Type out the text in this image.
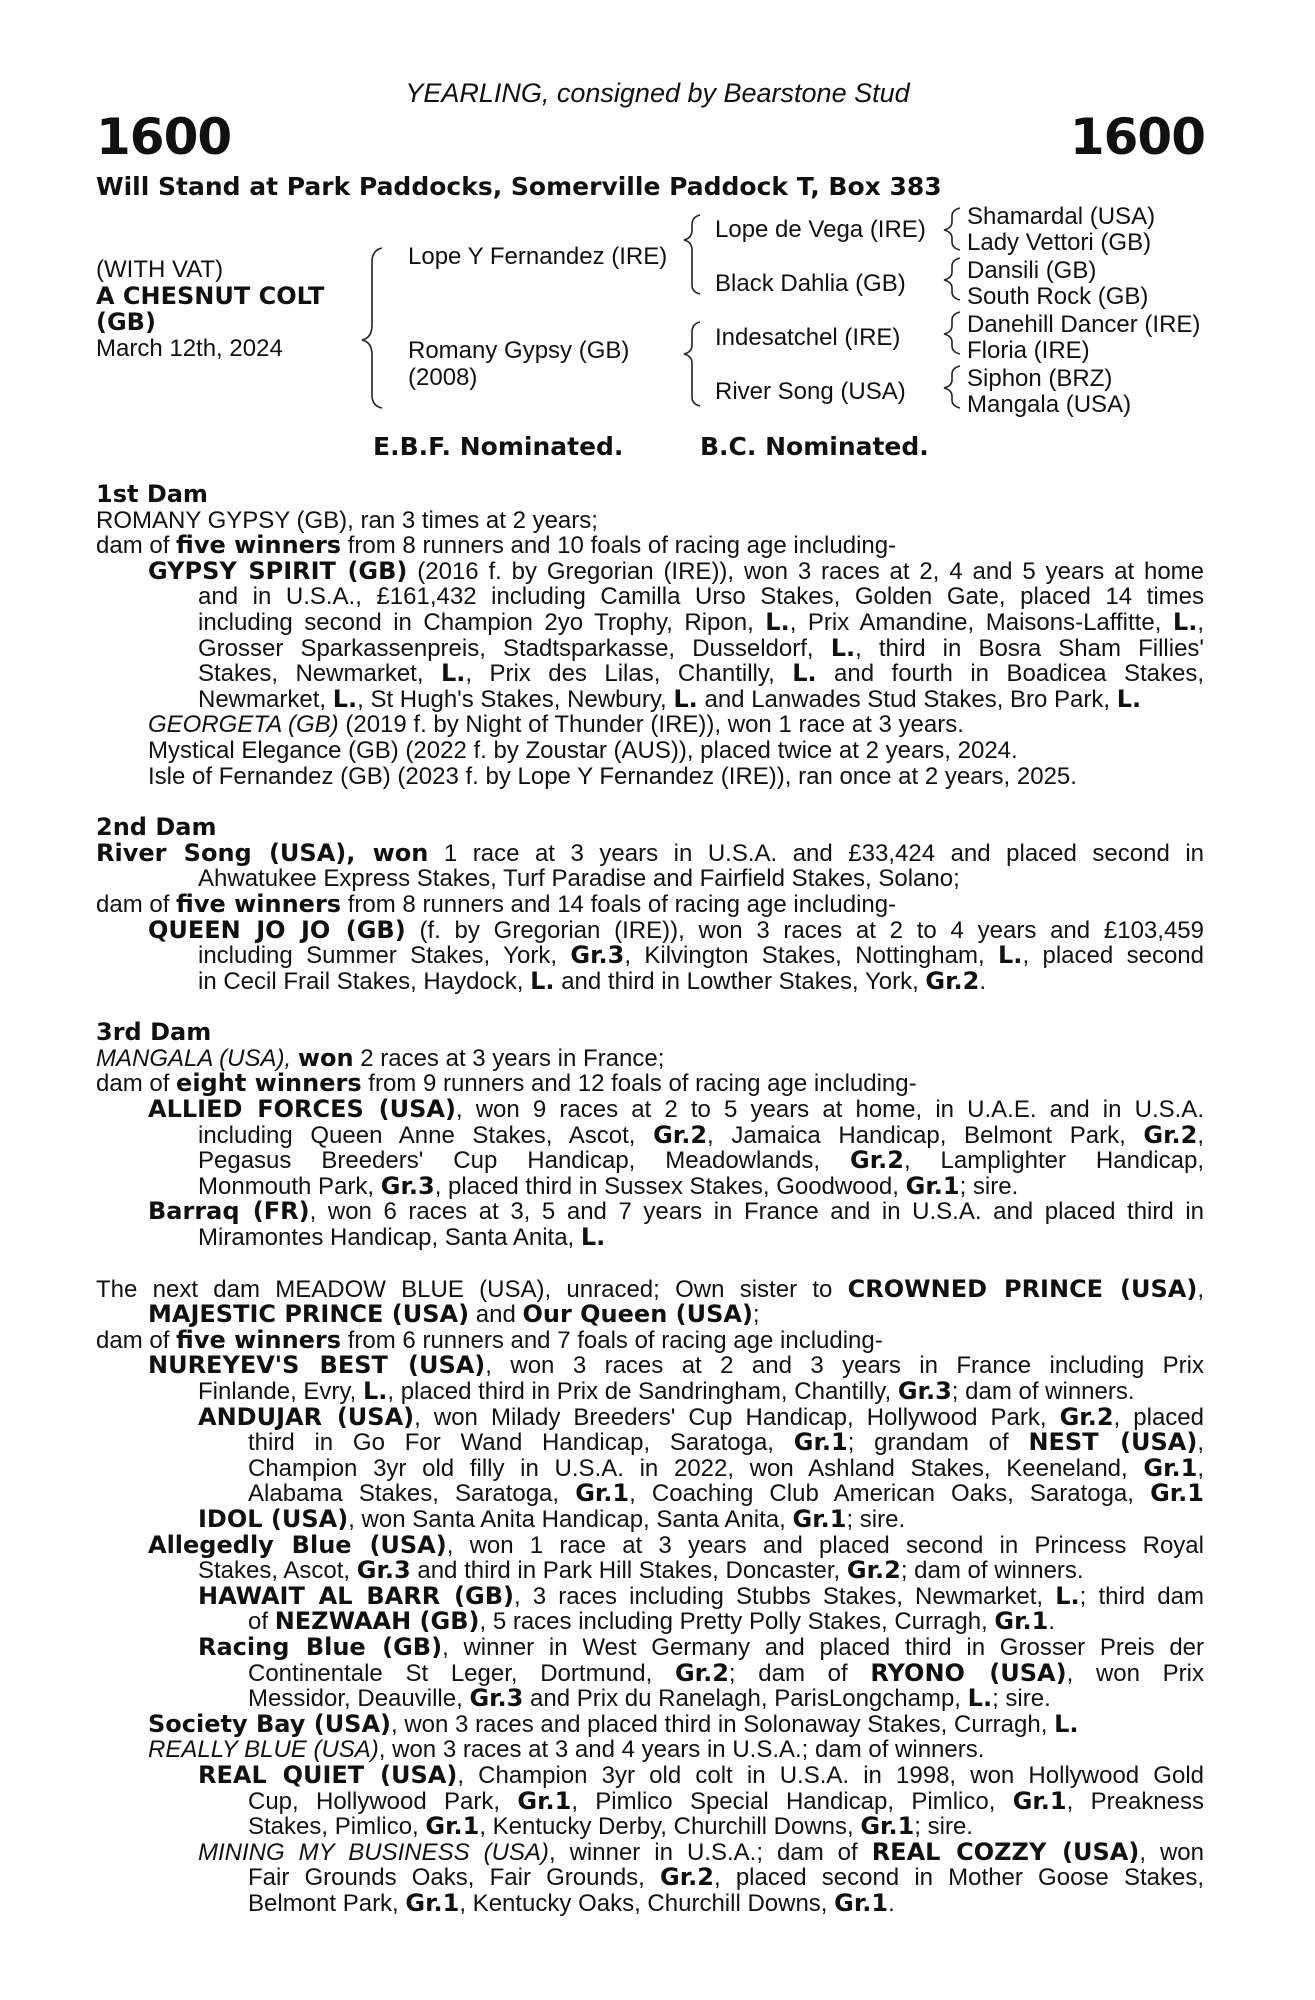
YEARLING, consigned by Bearstone Stud
1600	1600
Will Stand at Park Paddocks, Somerville Paddock T, Box 383
(WITH VAT)
A CHESNUT COLT
(GB)
March 12th, 2024
Lope Y Fernandez (IRE)
Romany Gypsy (GB)
(2008)
Lope de Vega (IRE)
Black Dahlia (GB)
Indesatchel (IRE)
River Song (USA)
Shamardal (USA)
Lady Vettori (GB)
Dansili (GB)
South Rock (GB)
Danehill Dancer (IRE)
Floria (IRE)
Siphon (BRZ)
Mangala (USA)
E.B.F. Nominated.	B.C. Nominated.
1st Dam
ROMANY GYPSY (GB), ran 3 times at 2 years;
dam of five winners from 8 runners and 10 foals of racing age including-
GYPSY SPIRIT (GB) (2016 f. by Gregorian (IRE)), won 3 races at 2, 4 and 5 years at home
and in U.S.A., £161,432 including Camilla Urso Stakes, Golden Gate, placed 14 times
including second in Champion 2yo Trophy, Ripon, L., Prix Amandine, Maisons-Laffitte, L.,
Grosser Sparkassenpreis, Stadtsparkasse, Dusseldorf, L., third in Bosra Sham Fillies'
Stakes, Newmarket, L., Prix des Lilas, Chantilly, L. and fourth in Boadicea Stakes,
Newmarket, L., St Hugh's Stakes, Newbury, L. and Lanwades Stud Stakes, Bro Park, L.
GEORGETA (GB) (2019 f. by Night of Thunder (IRE)), won 1 race at 3 years.
Mystical Elegance (GB) (2022 f. by Zoustar (AUS)), placed twice at 2 years, 2024.
Isle of Fernandez (GB) (2023 f. by Lope Y Fernandez (IRE)), ran once at 2 years, 2025.
2nd Dam
River Song (USA), won 1 race at 3 years in U.S.A. and £33,424 and placed second in
Ahwatukee Express Stakes, Turf Paradise and Fairfield Stakes, Solano;
dam of five winners from 8 runners and 14 foals of racing age including-
QUEEN JO JO (GB) (f. by Gregorian (IRE)), won 3 races at 2 to 4 years and £103,459
including Summer Stakes, York, Gr.3, Kilvington Stakes, Nottingham, L., placed second
in Cecil Frail Stakes, Haydock, L. and third in Lowther Stakes, York, Gr.2.
3rd Dam
MANGALA (USA), won 2 races at 3 years in France;
dam of eight winners from 9 runners and 12 foals of racing age including-
ALLIED FORCES (USA), won 9 races at 2 to 5 years at home, in U.A.E. and in U.S.A.
including Queen Anne Stakes, Ascot, Gr.2, Jamaica Handicap, Belmont Park, Gr.2,
Pegasus Breeders' Cup Handicap, Meadowlands, Gr.2, Lamplighter Handicap,
Monmouth Park, Gr.3, placed third in Sussex Stakes, Goodwood, Gr.1; sire.
Barraq (FR), won 6 races at 3, 5 and 7 years in France and in U.S.A. and placed third in
Miramontes Handicap, Santa Anita, L.
The next dam MEADOW BLUE (USA), unraced; Own sister to CROWNED PRINCE (USA),
MAJESTIC PRINCE (USA) and Our Queen (USA);
dam of five winners from 6 runners and 7 foals of racing age including-
NUREYEV'S BEST (USA), won 3 races at 2 and 3 years in France including Prix
Finlande, Evry, L., placed third in Prix de Sandringham, Chantilly, Gr.3; dam of winners.
ANDUJAR (USA), won Milady Breeders' Cup Handicap, Hollywood Park, Gr.2, placed
third in Go For Wand Handicap, Saratoga, Gr.1; grandam of NEST (USA),
Champion 3yr old filly in U.S.A. in 2022, won Ashland Stakes, Keeneland, Gr.1,
Alabama Stakes, Saratoga, Gr.1, Coaching Club American Oaks, Saratoga, Gr.1
IDOL (USA), won Santa Anita Handicap, Santa Anita, Gr.1; sire.
Allegedly Blue (USA), won 1 race at 3 years and placed second in Princess Royal
Stakes, Ascot, Gr.3 and third in Park Hill Stakes, Doncaster, Gr.2; dam of winners.
HAWAIT AL BARR (GB), 3 races including Stubbs Stakes, Newmarket, L.; third dam
of NEZWAAH (GB), 5 races including Pretty Polly Stakes, Curragh, Gr.1.
Racing Blue (GB), winner in West Germany and placed third in Grosser Preis der
Continentale St Leger, Dortmund, Gr.2; dam of RYONO (USA), won Prix
Messidor, Deauville, Gr.3 and Prix du Ranelagh, ParisLongchamp, L.; sire.
Society Bay (USA), won 3 races and placed third in Solonaway Stakes, Curragh, L.
REALLY BLUE (USA), won 3 races at 3 and 4 years in U.S.A.; dam of winners.
REAL QUIET (USA), Champion 3yr old colt in U.S.A. in 1998, won Hollywood Gold
Cup, Hollywood Park, Gr.1, Pimlico Special Handicap, Pimlico, Gr.1, Preakness
Stakes, Pimlico, Gr.1, Kentucky Derby, Churchill Downs, Gr.1; sire.
MINING MY BUSINESS (USA), winner in U.S.A.; dam of REAL COZZY (USA), won
Fair Grounds Oaks, Fair Grounds, Gr.2, placed second in Mother Goose Stakes,
Belmont Park, Gr.1, Kentucky Oaks, Churchill Downs, Gr.1.
